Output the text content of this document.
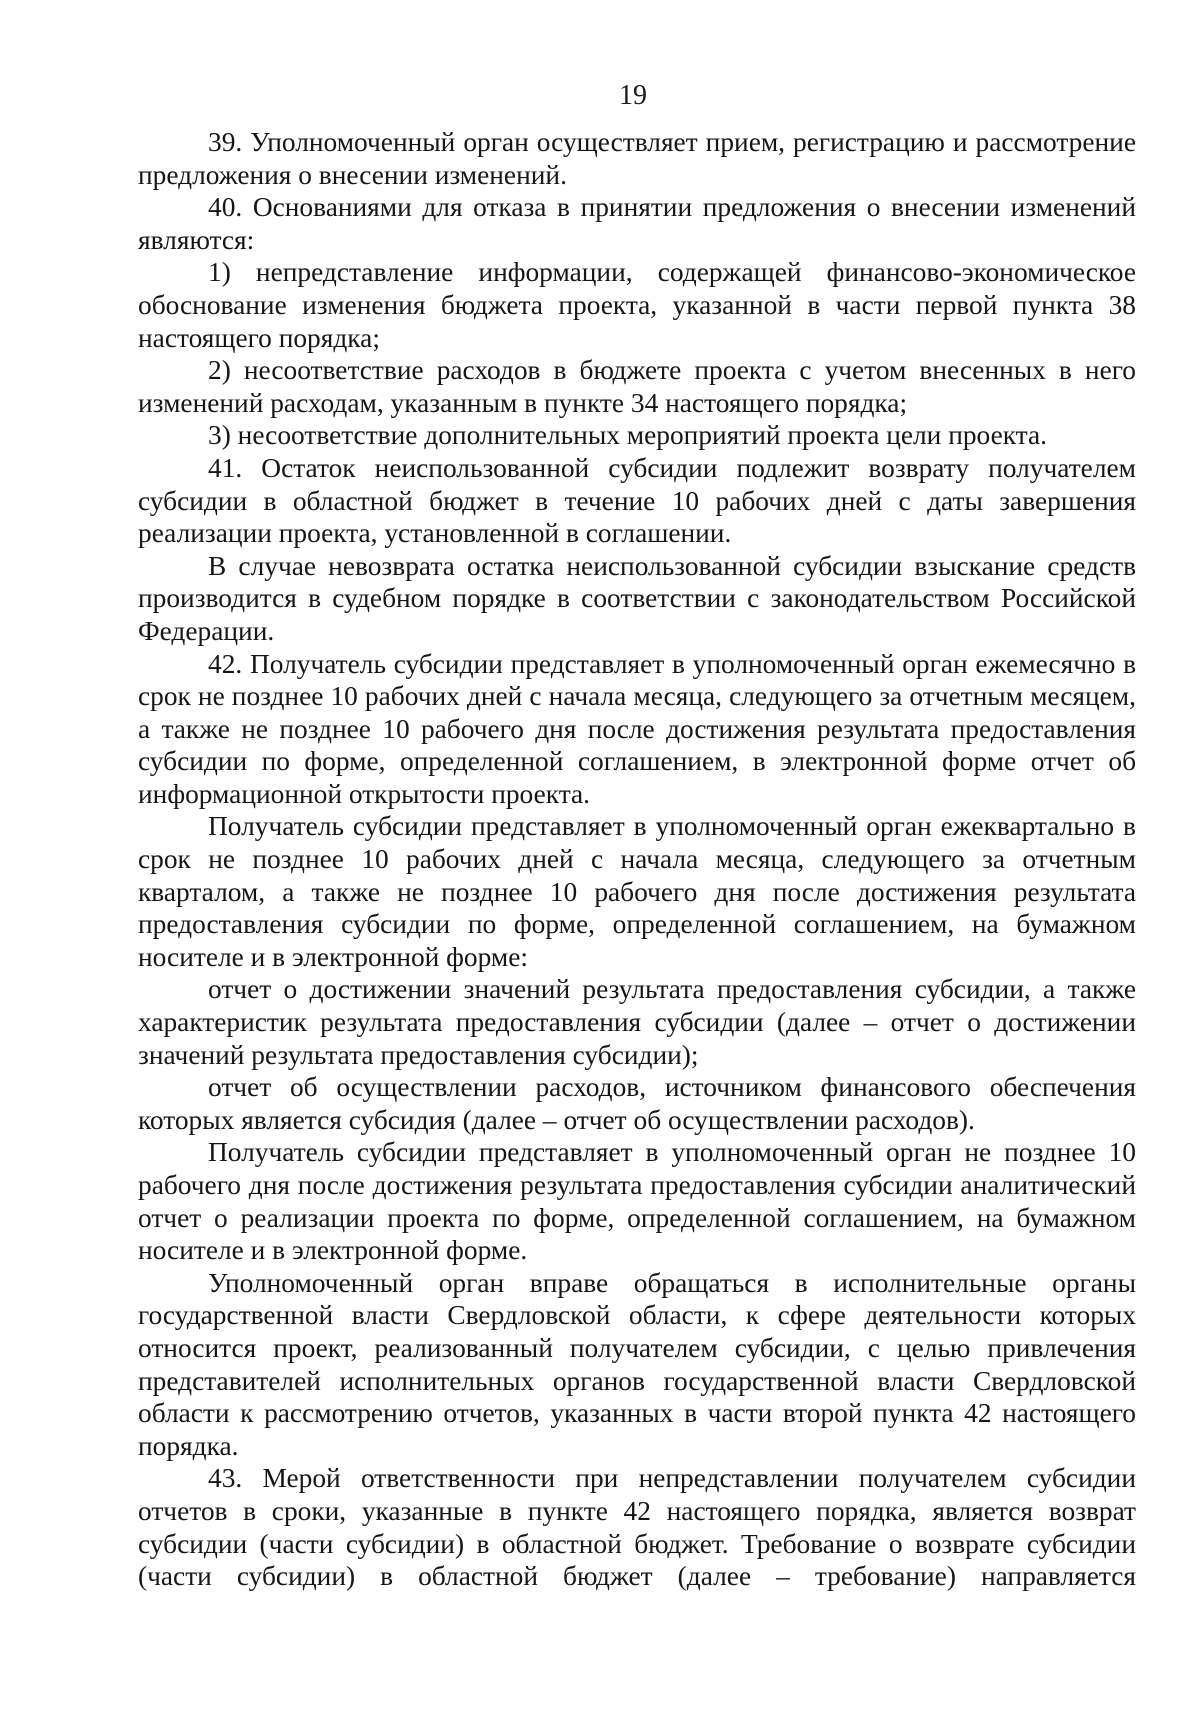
19

39. Уполномоченный орган осуществляет прием, регистрацию и рассмотрение предложения о внесении изменений.

40. Основаниями для отказа в принятии предложения о внесении изменений являются:

1) непредставление информации, содержащей финансово-экономическое обоснование изменения бюджета проекта, указанной в части первой пункта 38 настоящего порядка;

2) несоответствие расходов в бюджете проекта с учетом внесенных в него изменений расходам, указанным в пункте 34 настоящего порядка;

3) несоответствие дополнительных мероприятий проекта цели проекта.

41. Остаток неиспользованной субсидии подлежит возврату получателем субсидии в областной бюджет в течение 10 рабочих дней с даты завершения реализации проекта, установленной в соглашении.

В случае невозврата остатка неиспользованной субсидии взыскание средств производится в судебном порядке в соответствии с законодательством Российской Федерации.

42. Получатель субсидии представляет в уполномоченный орган ежемесячно в срок не позднее 10 рабочих дней с начала месяца, следующего за отчетным месяцем, а также не позднее 10 рабочего дня после достижения результата предоставления субсидии по форме, определенной соглашением, в электронной форме отчет об информационной открытости проекта.

Получатель субсидии представляет в уполномоченный орган ежеквартально в срок не позднее 10 рабочих дней с начала месяца, следующего за отчетным кварталом, а также не позднее 10 рабочего дня после достижения результата предоставления субсидии по форме, определенной соглашением, на бумажном носителе и в электронной форме:

отчет о достижении значений результата предоставления субсидии, а также характеристик результата предоставления субсидии (далее – отчет о достижении значений результата предоставления субсидии);

отчет об осуществлении расходов, источником финансового обеспечения которых является субсидия (далее – отчет об осуществлении расходов).

Получатель субсидии представляет в уполномоченный орган не позднее 10 рабочего дня после достижения результата предоставления субсидии аналитический отчет о реализации проекта по форме, определенной соглашением, на бумажном носителе и в электронной форме.

Уполномоченный орган вправе обращаться в исполнительные органы государственной власти Свердловской области, к сфере деятельности которых относится проект, реализованный получателем субсидии, с целью привлечения представителей исполнительных органов государственной власти Свердловской области к рассмотрению отчетов, указанных в части второй пункта 42 настоящего порядка.

43. Мерой ответственности при непредставлении получателем субсидии отчетов в сроки, указанные в пункте 42 настоящего порядка, является возврат субсидии (части субсидии) в областной бюджет. Требование о возврате субсидии (части субсидии) в областной бюджет (далее – требование) направляется
